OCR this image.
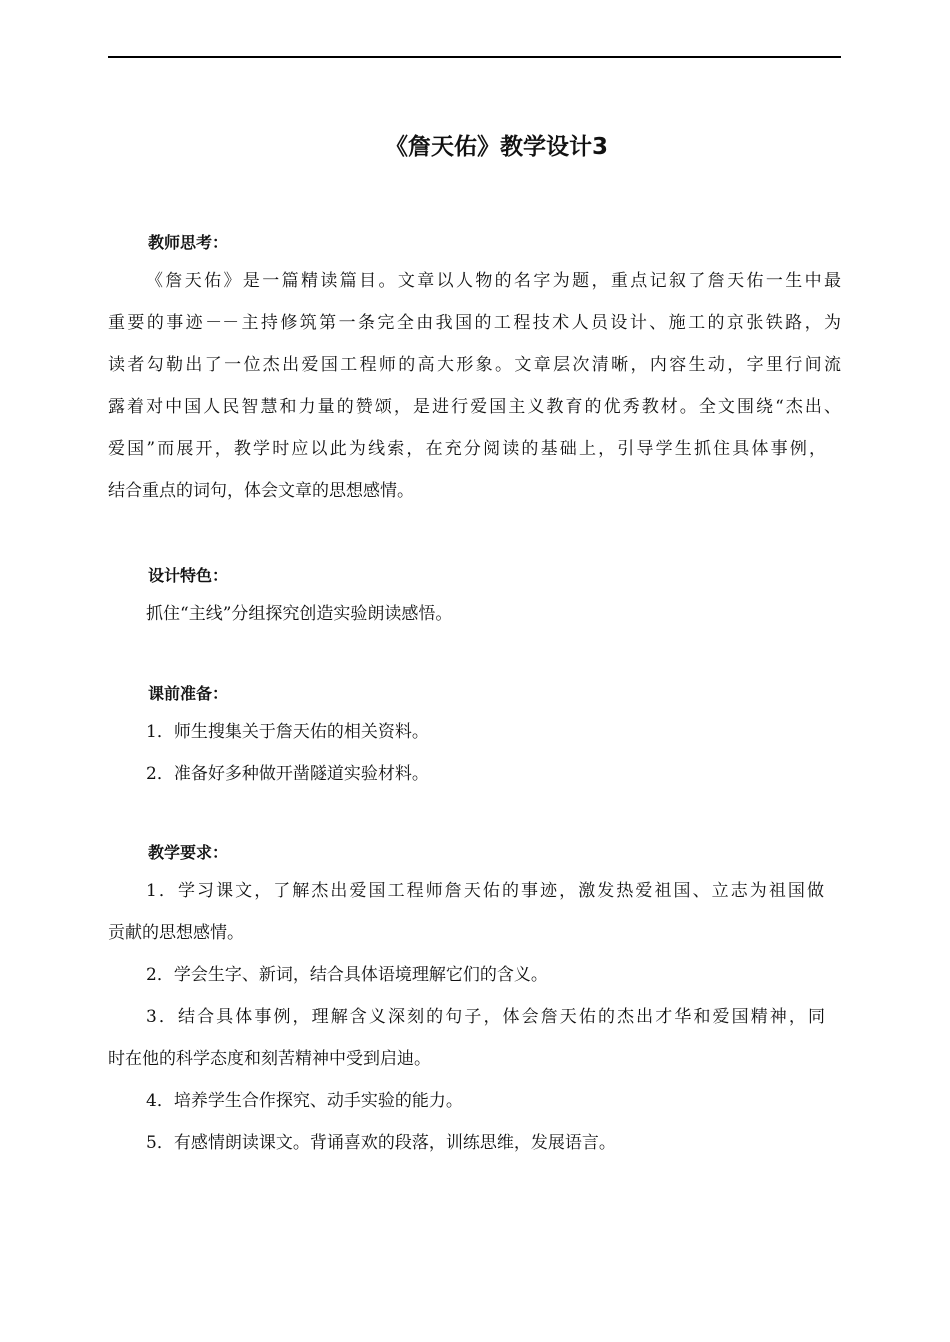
《詹天佑》教学设计3

教师思考：

《詹天佑》是一篇精读篇目。文章以人物的名字为题，重点记叙了詹天佑一生中最

重要的事迹－－主持修筑第一条完全由我国的工程技术人员设计、施工的京张铁路，为

读者勾勒出了一位杰出爱国工程师的高大形象。文章层次清晰，内容生动，字里行间流

露着对中国人民智慧和力量的赞颂，是进行爱国主义教育的优秀教材。全文围绕“杰出、

爱国”而展开，教学时应以此为线索，在充分阅读的基础上，引导学生抓住具体事例，

结合重点的词句，体会文章的思想感情。

设计特色：

抓住“主线”分组探究创造实验朗读感悟。

课前准备：

1．师生搜集关于詹天佑的相关资料。

2．准备好多种做开凿隧道实验材料。

教学要求：

1．学习课文，了解杰出爱国工程师詹天佑的事迹，激发热爱祖国、立志为祖国做

贡献的思想感情。

2．学会生字、新词，结合具体语境理解它们的含义。

3．结合具体事例，理解含义深刻的句子，体会詹天佑的杰出才华和爱国精神，同

时在他的科学态度和刻苦精神中受到启迪。

4．培养学生合作探究、动手实验的能力。

5．有感情朗读课文。背诵喜欢的段落，训练思维，发展语言。
